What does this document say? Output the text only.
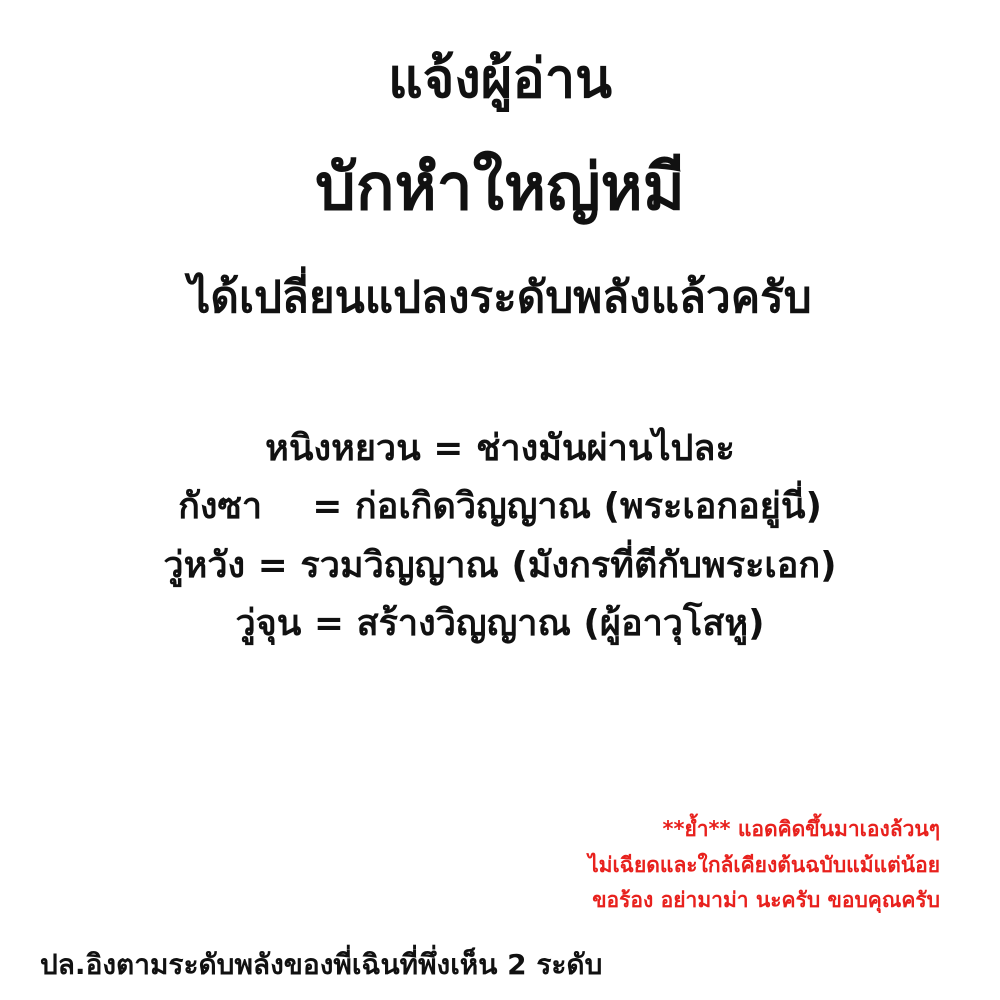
แจ้งผู้อ่าน
บักหำใหญ่หมี
ได้เปลี่ยนแปลงระดับพลังแล้วครับ
หนิงหยวน = ช่างมันผ่านไปละ
กังซา    = ก่อเกิดวิญญาณ (พระเอกอยู่นี่)
วู่หวัง = รวมวิญญาณ (มังกรที่ตีกับพระเอก)
วู่จุน = สร้างวิญญาณ (ผู้อาวุโสหู)
**ย้ำ** แอดคิดขึ้นมาเองล้วนๆ
ไม่เฉียดและใกล้เคียงต้นฉบับแม้แต่น้อย
ขอร้อง อย่ามาม่า นะครับ ขอบคุณครับ
ปล.อิงตามระดับพลังของพี่เฉินที่พึ่งเห็น 2 ระดับ
